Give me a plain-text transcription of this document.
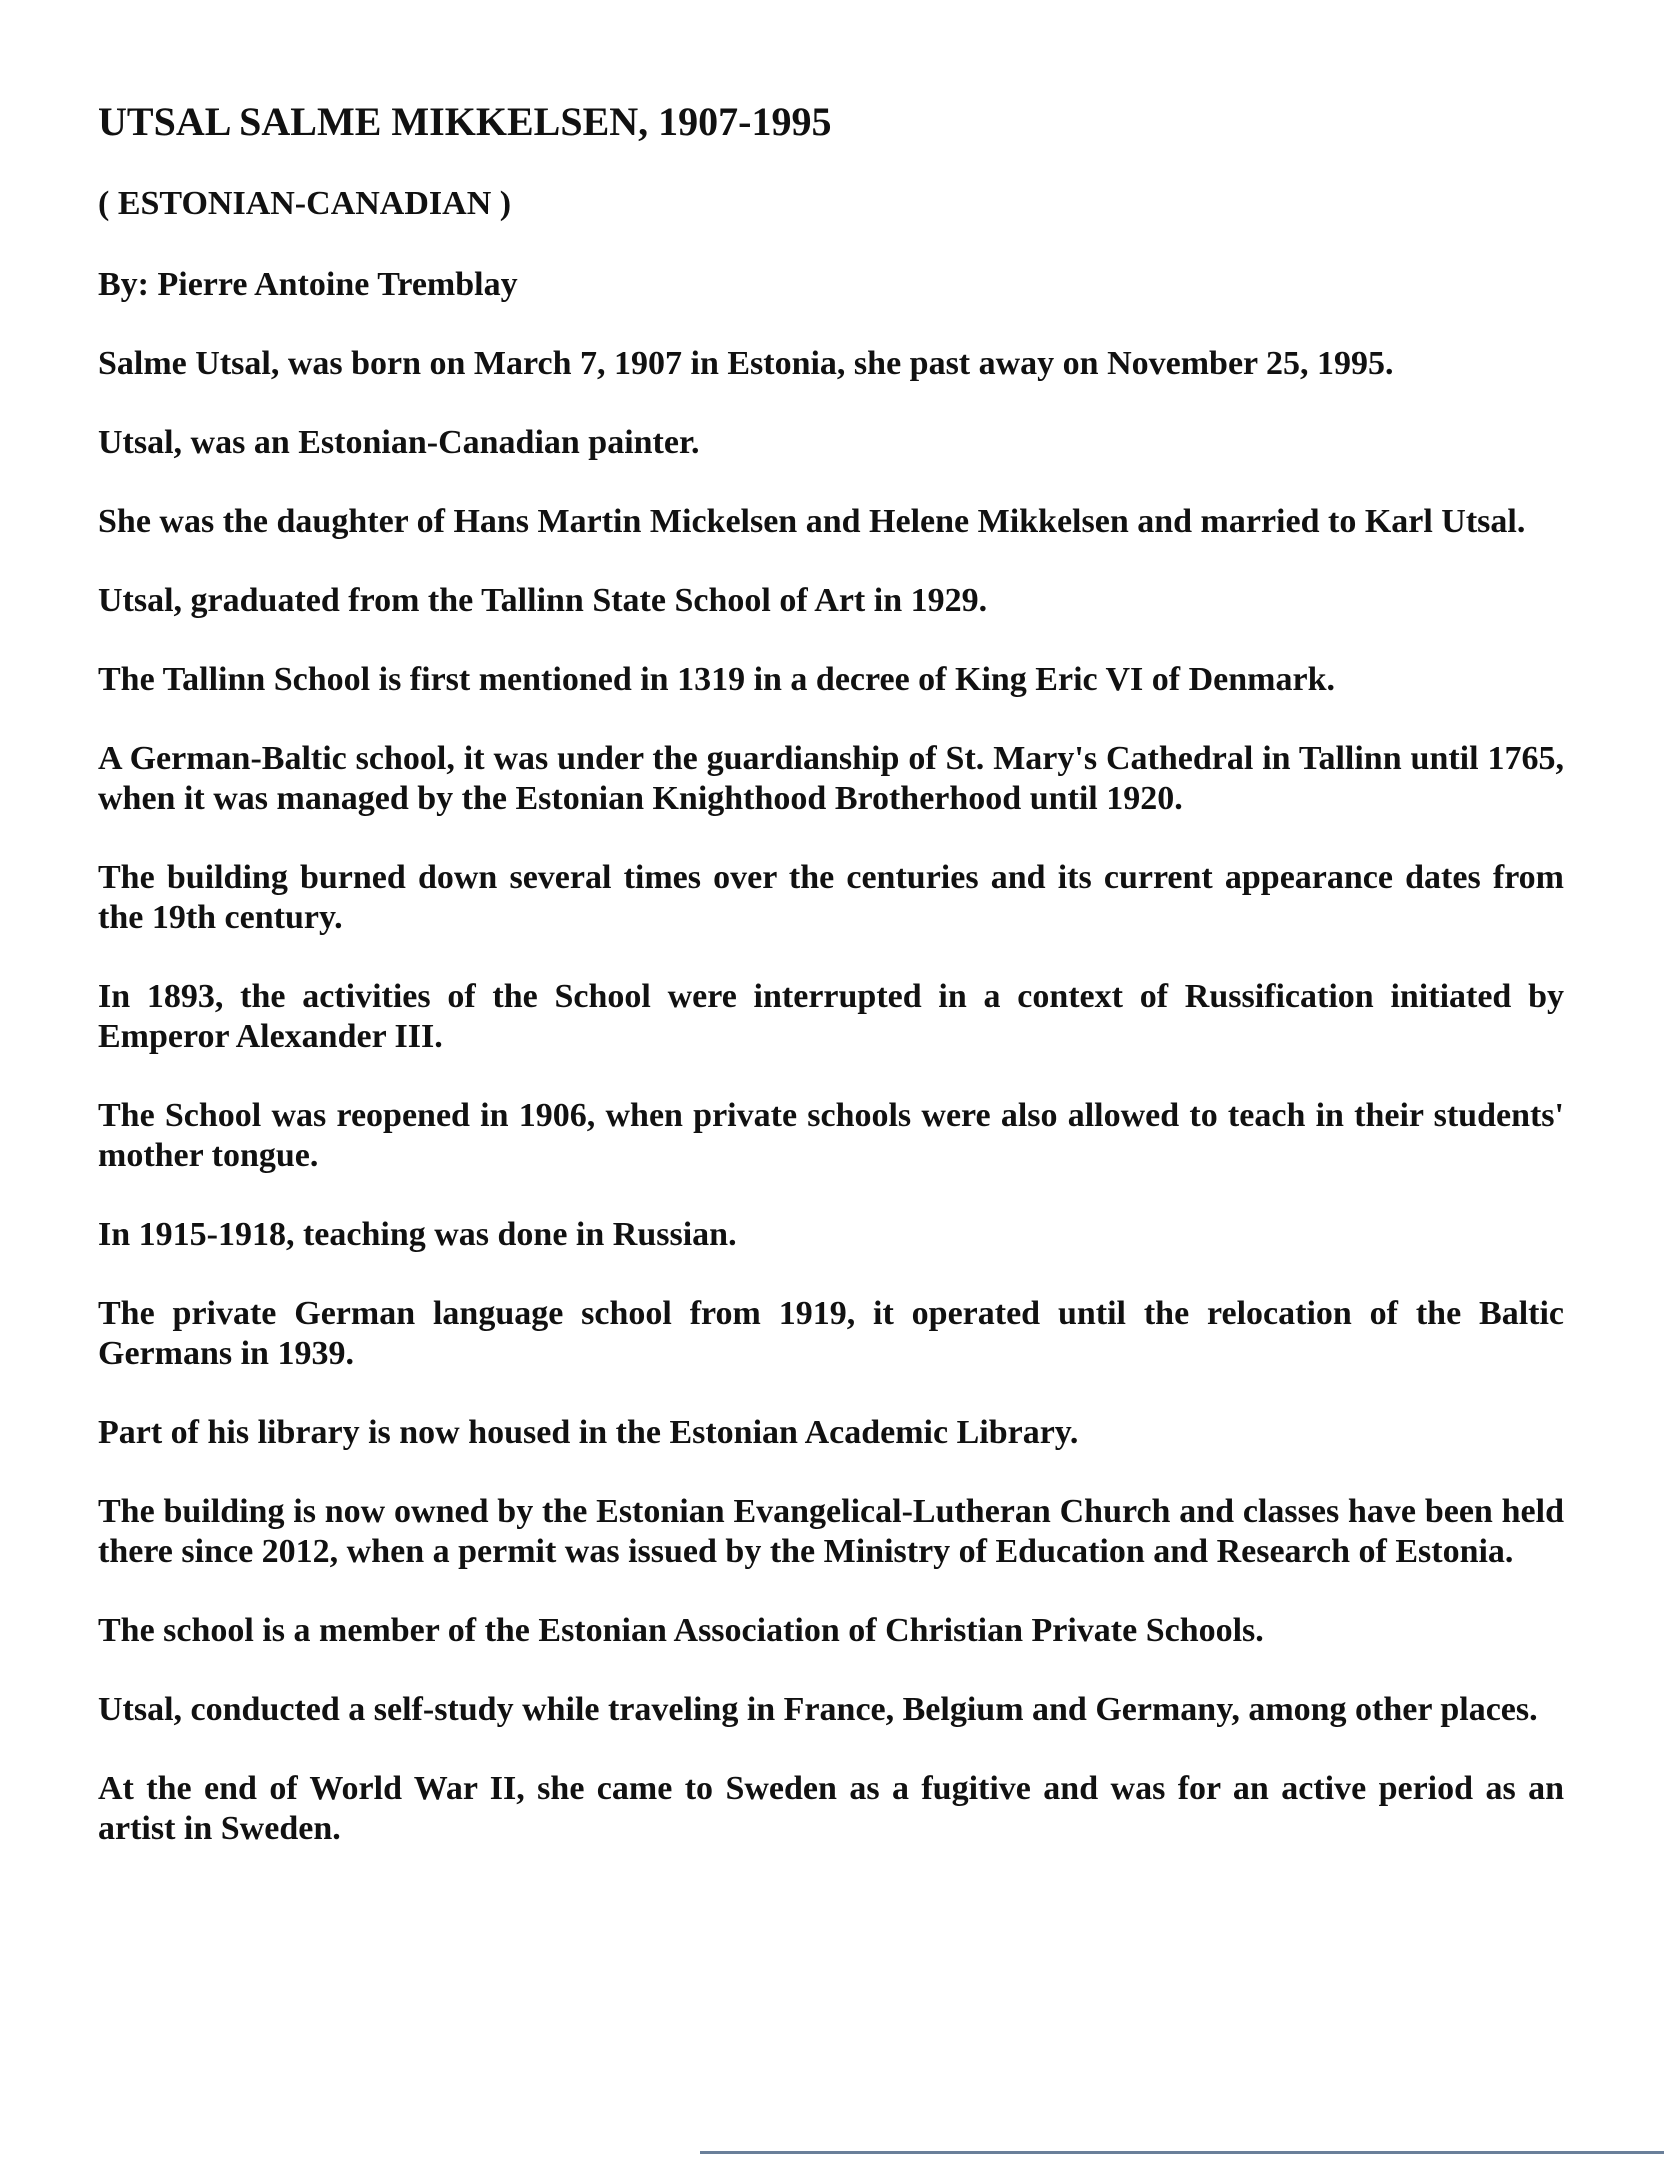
UTSAL SALME MIKKELSEN, 1907-1995
( ESTONIAN-CANADIAN )
By: Pierre Antoine Tremblay

Salme Utsal, was born on March 7, 1907 in Estonia, she past away on November 25, 1995.

Utsal, was an Estonian-Canadian painter.

She was the daughter of Hans Martin Mickelsen and Helene Mikkelsen and married to Karl Utsal.

Utsal, graduated from the Tallinn State School of Art in 1929.

The Tallinn School is first mentioned in 1319 in a decree of King Eric VI of Denmark.

A German-Baltic school, it was under the guardianship of St. Mary's Cathedral in Tallinn until 1765, when it was managed by the Estonian Knighthood Brotherhood until 1920.

The building burned down several times over the centuries and its current appearance dates from the 19th century.

In 1893, the activities of the School were interrupted in a context of Russification initiated by Emperor Alexander III.

The School was reopened in 1906, when private schools were also allowed to teach in their students' mother tongue.

In 1915-1918, teaching was done in Russian.

The private German language school from 1919, it operated until the relocation of the Baltic Germans in 1939.

Part of his library is now housed in the Estonian Academic Library.

The building is now owned by the Estonian Evangelical-Lutheran Church and classes have been held there since 2012, when a permit was issued by the Ministry of Education and Research of Estonia.

The school is a member of the Estonian Association of Christian Private Schools.

Utsal, conducted a self-study while traveling in France, Belgium and Germany, among other places.

At the end of World War II, she came to Sweden as a fugitive and was for an active period as an artist in Sweden.
